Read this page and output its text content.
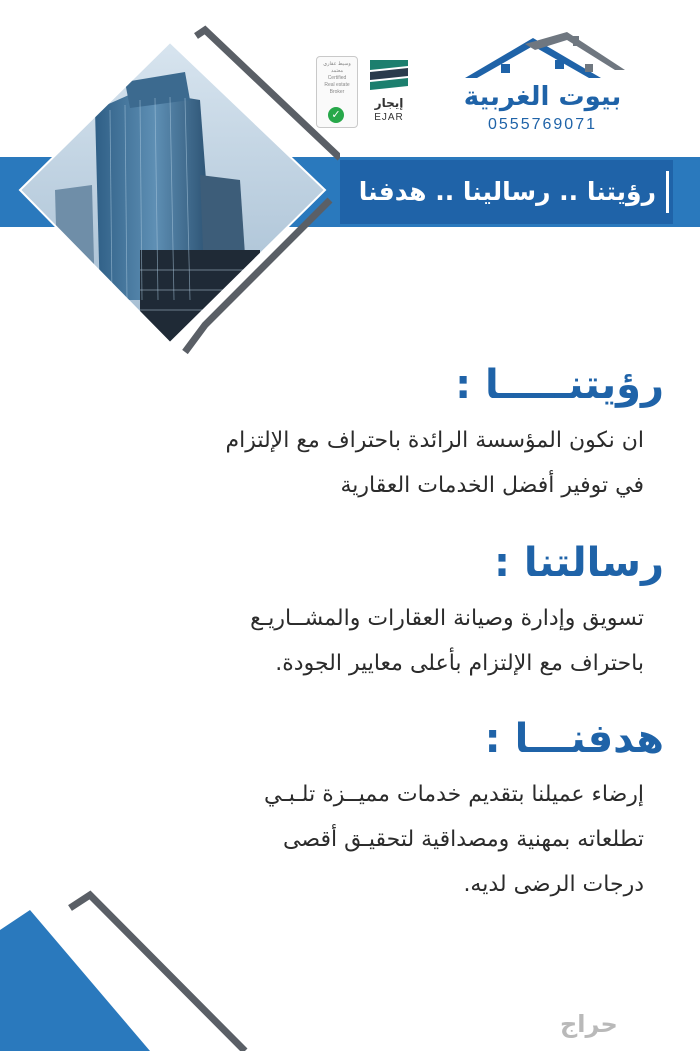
رؤيتنا .. رسالينا .. هدفنا
وسيط عقاري
معتمد
Certified
Real estate
Broker
✓
إيجار
EJAR
بيوت الغربية
0555769071
رؤيتنـــــا :
ان نكون المؤسسة الرائدة باحتراف مع الإلتزام
في توفير أفضل الخدمات العقارية
رسالتنا :
تسويق وإدارة وصيانة العقارات والمشــاريـع
باحتراف مع الإلتزام بأعلى معايير الجودة.
هدفنـــا :
إرضاء عميلنا بتقديم خدمات مميــزة تلـبـي
تطلعاته بمهنية ومصداقية لتحقيـق أقصى
درجات الرضى لديه.
حراج
